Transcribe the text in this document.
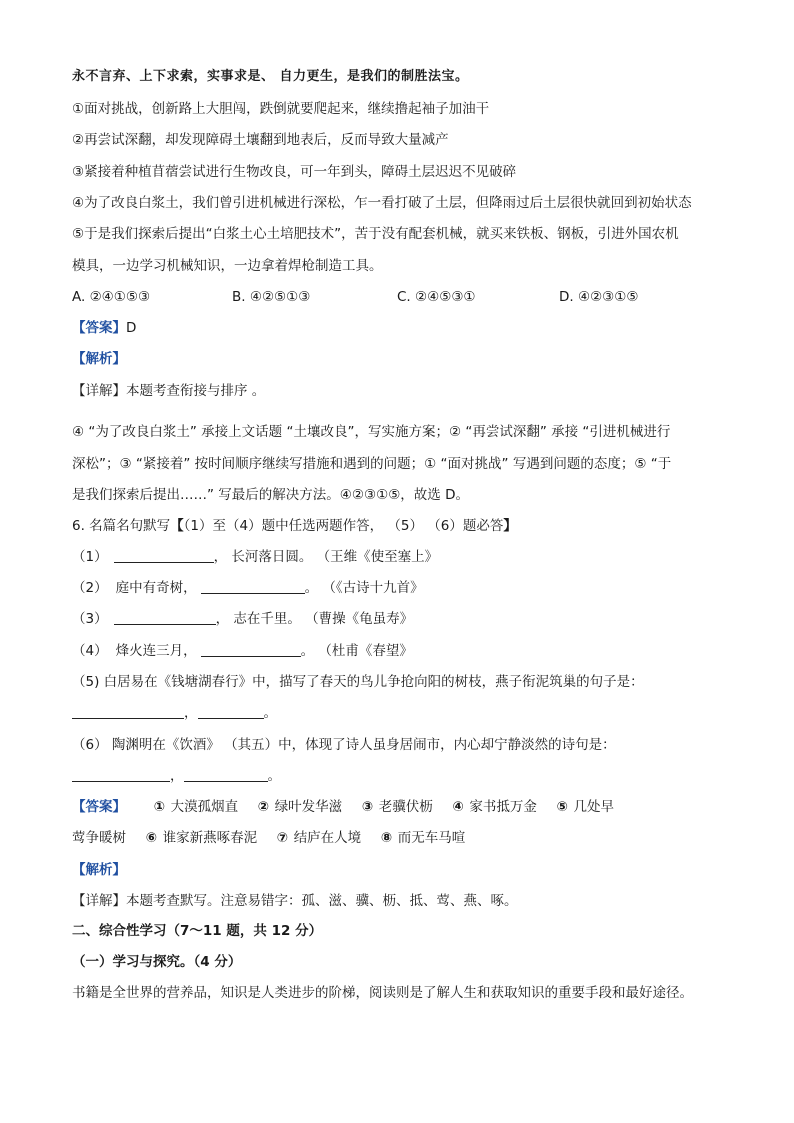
永不言弃、上下求索，实事求是、 自力更生，是我们的制胜法宝。
①面对挑战，创新路上大胆闯，跌倒就要爬起来，继续撸起袖子加油干
②再尝试深翻，却发现障碍土壤翻到地表后，反而导致大量减产
③紧接着种植苜蓿尝试进行生物改良，可一年到头，障碍土层迟迟不见破碎
④为了改良白浆土，我们曾引进机械进行深松，乍一看打破了土层，但降雨过后土层很快就回到初始状态
⑤于是我们探索后提出“白浆土心土培肥技术”，苦于没有配套机械，就买来铁板、钢板，引进外国农机
模具，一边学习机械知识，一边拿着焊枪制造工具。
A. ②④①⑤③	B. ④②⑤①③	C. ②④⑤③①	D. ④②③①⑤
【答案】D
【解析】
【详解】本题考查衔接与排序 。
④ “为了改良白浆土” 承接上文话题 “土壤改良”，写实施方案；② “再尝试深翻” 承接 “引进机械进行
深松”；③ “紧接着” 按时间顺序继续写措施和遇到的问题；① “面对挑战” 写遇到问题的态度；⑤ “于
是我们探索后提出……” 写最后的解决方法。④②③①⑤，故选 D。
6. 名篇名句默写【（1）至（4）题中任选两题作答， （5） （6）题必答】
（1）	， 长河落日圆。 （王维《使至塞上》
（2） 庭中有奇树，	。 （《古诗十九首》
（3）	， 志在千里。 （曹操《龟虽寿》
（4） 烽火连三月，	。 （杜甫《春望》
（5) 白居易在《钱塘湖春行》中，描写了春天的鸟儿争抢向阳的树枝，燕子衔泥筑巢的句子是：
，	。
（6） 陶渊明在《饮酒》 （其五）中，体现了诗人虽身居闹市，内心却宁静淡然的诗句是：
，	。
【答案】 ① 大漠孤烟直 ② 绿叶发华滋 ③ 老骥伏枥 ④ 家书抵万金 ⑤ 几处早
莺争暖树 ⑥ 谁家新燕啄春泥 ⑦ 结庐在人境 ⑧ 而无车马喧
【解析】
【详解】本题考查默写。注意易错字：孤、滋、骥、枥、抵、莺、燕、啄。
二、综合性学习（7～11 题，共 12 分）
（一）学习与探究。（4 分）
书籍是全世界的营养品，知识是人类进步的阶梯，阅读则是了解人生和获取知识的重要手段和最好途径。
